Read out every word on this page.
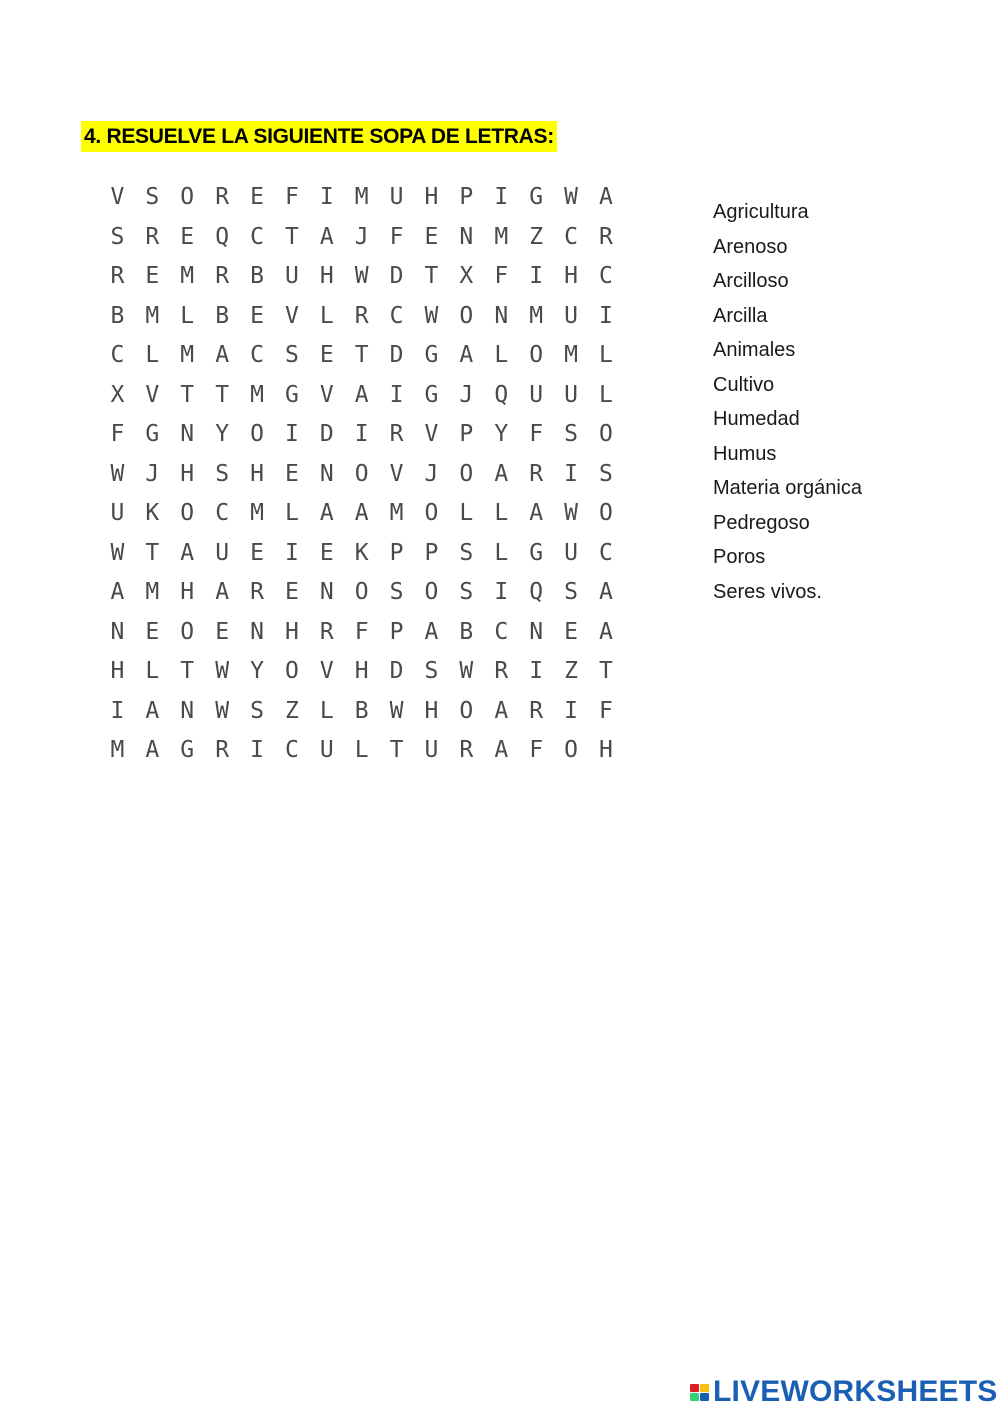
4. RESUELVE LA SIGUIENTE SOPA DE LETRAS:
V S O R E F I M U H P I G W A
S R E Q C T A J F E N M Z C R
R E M R B U H W D T X F I H C
B M L B E V L R C W O N M U I
C L M A C S E T D G A L O M L
X V T T M G V A I G J Q U U L
F G N Y O I D I R V P Y F S O
W J H S H E N O V J O A R I S
U K O C M L A A M O L L A W O
W T A U E I E K P P S L G U C
A M H A R E N O S O S I Q S A
N E O E N H R F P A B C N E A
H L T W Y O V H D S W R I Z T
I A N W S Z L B W H O A R I F
M A G R I C U L T U R A F O H
Agricultura
Arenoso
Arcilloso
Arcilla
Animales
Cultivo
Humedad
Humus
Materia orgánica
Pedregoso
Poros
Seres vivos.
LIVEWORKSHEETS
